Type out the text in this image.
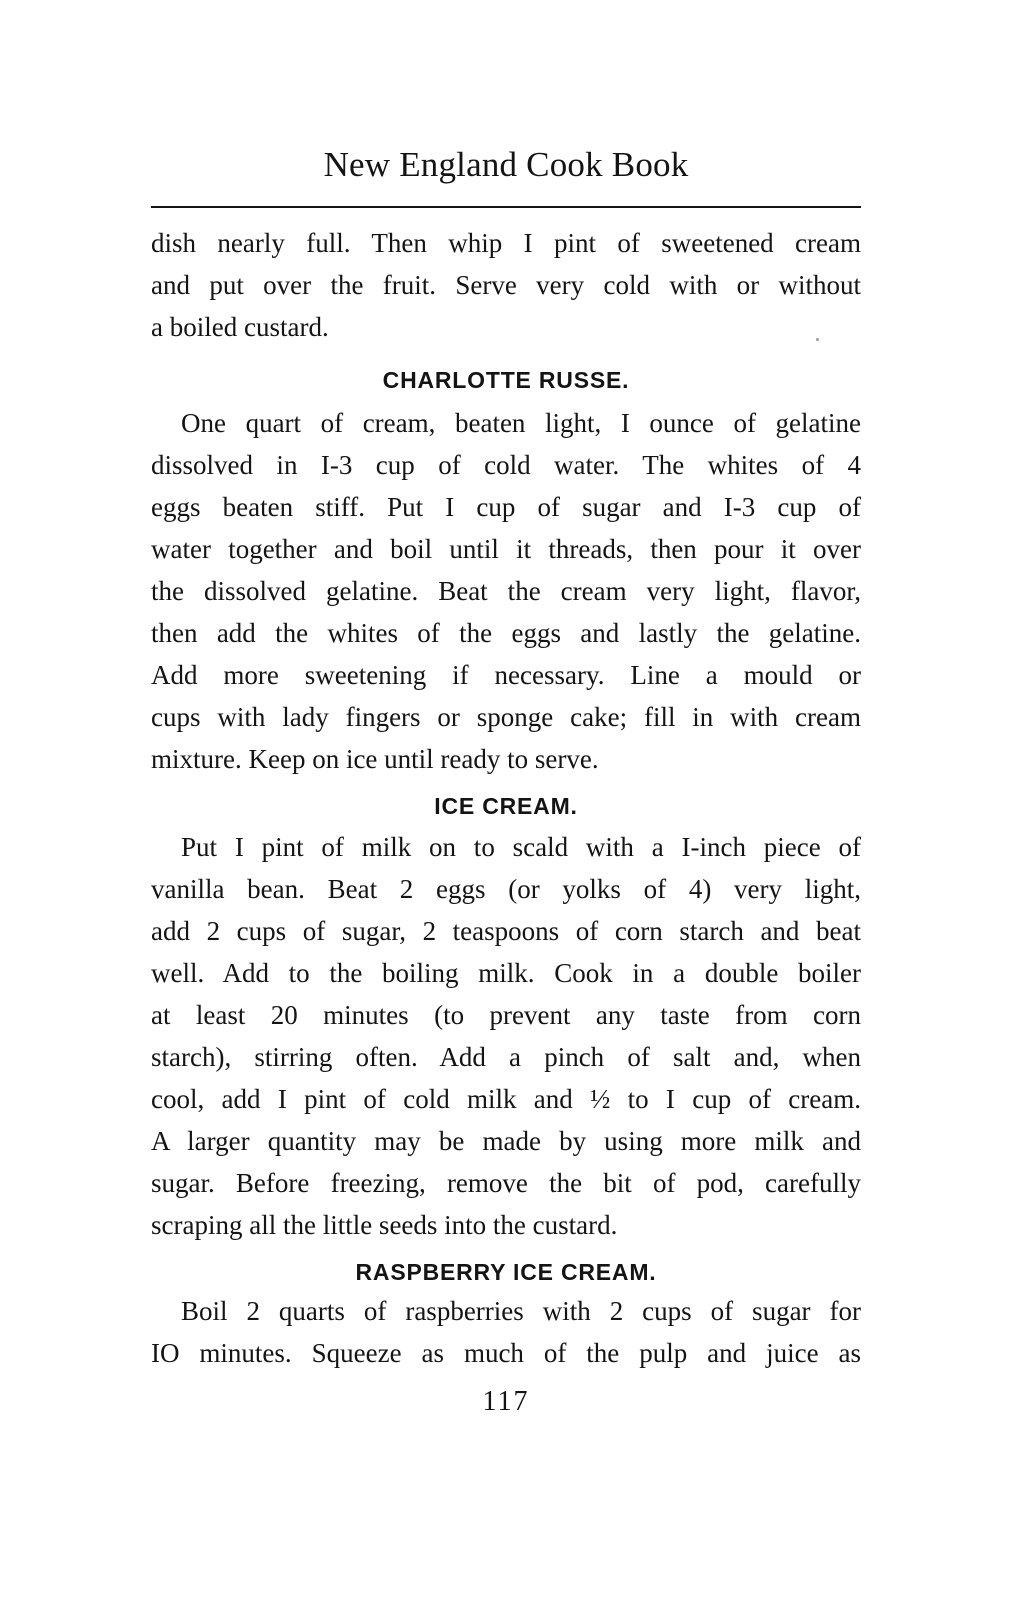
New England Cook Book
dish nearly full. Then whip I pint of sweetened cream
and put over the fruit. Serve very cold with or without
a boiled custard.
CHARLOTTE RUSSE.
One quart of cream, beaten light, I ounce of gelatine
dissolved in I-3 cup of cold water. The whites of 4
eggs beaten stiff. Put I cup of sugar and I-3 cup of
water together and boil until it threads, then pour it over
the dissolved gelatine. Beat the cream very light, flavor,
then add the whites of the eggs and lastly the gelatine.
Add more sweetening if necessary. Line a mould or
cups with lady fingers or sponge cake; fill in with cream
mixture. Keep on ice until ready to serve.
ICE CREAM.
Put I pint of milk on to scald with a I-inch piece of
vanilla bean. Beat 2 eggs (or yolks of 4) very light,
add 2 cups of sugar, 2 teaspoons of corn starch and beat
well. Add to the boiling milk. Cook in a double boiler
at least 20 minutes (to prevent any taste from corn
starch), stirring often. Add a pinch of salt and, when
cool, add I pint of cold milk and ½ to I cup of cream.
A larger quantity may be made by using more milk and
sugar. Before freezing, remove the bit of pod, carefully
scraping all the little seeds into the custard.
RASPBERRY ICE CREAM.
Boil 2 quarts of raspberries with 2 cups of sugar for
IO minutes. Squeeze as much of the pulp and juice as
117
